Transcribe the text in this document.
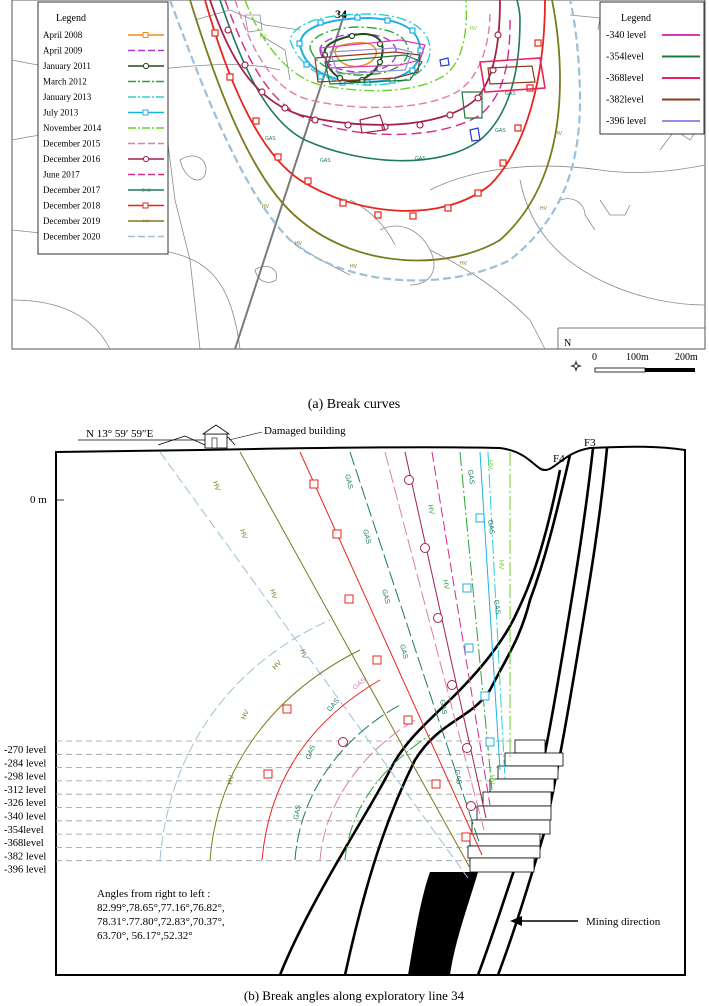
34
HV
GAS
GAS	GAS
GAS
GAS
HV
HV	HV
HV
HV
HV
HV
Legend
April 2008
April 2009
January 2011
March 2012
January 2013
July 2013
November 2014
December 2015
December 2016
June 2017
December 2017	GAS
December 2018
December 2019	HV
December 2020
Legend
-340 level
-354level
-368level
-382level
-396 level
N
0	100m	200m
(a) Break curves
N 13° 59′ 59″E	Damaged building
0 m
-270 level
-284 level
-298 level
-312 level
-326 level
-340 level
-354level
-368level
-382 level
-396 level
F3
F4
HV
HV
HV
HV
GAS
GAS
GAS
GAS
GAS
GAS
GAS
HV
HV
HV
HV
HV
HV
HV
GAS
GAS
GAS
GAS
GAS
GAS	HV
Angles from right to left :
82.99°,78.65°,77.16°,76.82°,
78.31°.77.80°,72.83°,70.37°,
63.70°, 56.17°,52.32°
Mining direction
(b) Break angles along exploratory line 34
